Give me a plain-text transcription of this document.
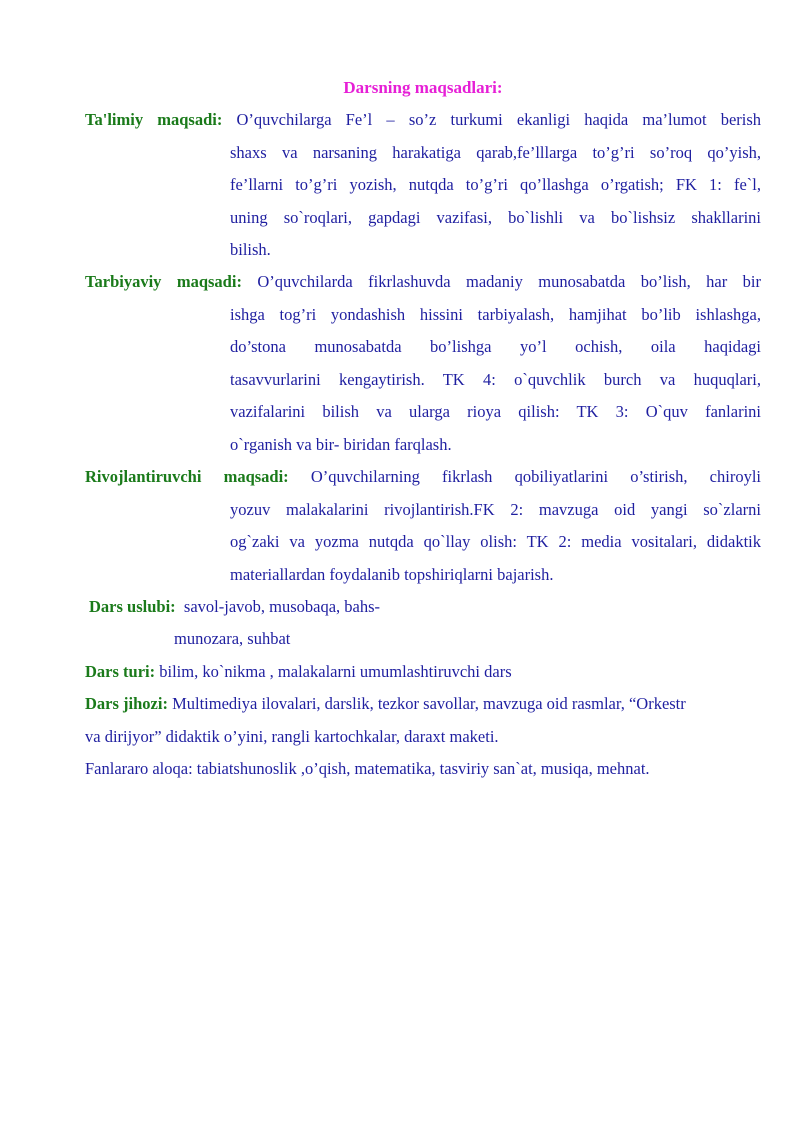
Darsning maqsadlari:
Ta'limiy maqsadi: O’quvchilarga Fe’l – so’z turkumi ekanligi haqida ma’lumot berish
shaxs va narsaning harakatiga qarab,fe’lllarga to’g’ri so’roq qo’yish,
fe’llarni to’g’ri yozish, nutqda to’g’ri qo’llashga o’rgatish; FK 1: fe`l,
uning so`roqlari, gapdagi vazifasi, bo`lishli va bo`lishsiz shakllarini
bilish.
Tarbiyaviy maqsadi: O’quvchilarda fikrlashuvda madaniy munosabatda bo’lish, har bir
ishga tog’ri yondashish hissini tarbiyalash, hamjihat bo’lib ishlashga,
do’stona munosabatda bo’lishga yo’l ochish, oila haqidagi
tasavvurlarini kengaytirish. TK 4: o`quvchlik burch va huquqlari,
vazifalarini bilish va ularga rioya qilish: TK 3: O`quv fanlarini
o`rganish va bir- biridan farqlash.
Rivojlantiruvchi maqsadi: O’quvchilarning fikrlash qobiliyatlarini o’stirish, chiroyli
yozuv malakalarini rivojlantirish.FK 2: mavzuga oid yangi so`zlarni
og`zaki va yozma nutqda qo`llay olish: TK 2: media vositalari, didaktik
materiallardan foydalanib topshiriqlarni bajarish.
Dars uslubi: savol-javob, musobaqa, bahs-
munozara, suhbat
Dars turi: bilim, ko`nikma , malakalarni umumlashtiruvchi dars
Dars jihozi: Multimediya ilovalari, darslik, tezkor savollar, mavzuga oid rasmlar, “Orkestr
va dirijyor” didaktik o’yini, rangli kartochkalar, daraxt maketi.
Fanlararo aloqa: tabiatshunoslik ,o’qish, matematika, tasviriy san`at, musiqa, mehnat.
